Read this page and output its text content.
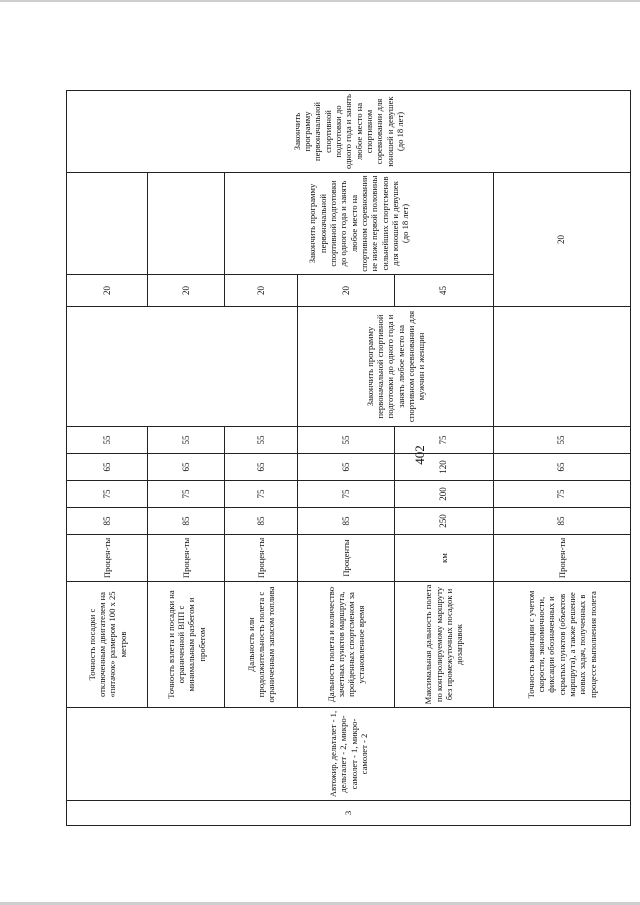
402
3	Автожир, дельталет - 1, дельталет - 2, микро-самолет - 1, микро-самолет - 2	Точность посадки с отключенным двигателем на «пятачок» размером 100 x 25 метров	Процен-ты	85	75	65	55		20		Закончить программу первоначальной спортивной подготовки до одного года и занять любое место на спортивном соревновании для юношей и девушек (до 18 лет)
		Точность взлета и посадки на ограниченной ВПП с минимальным разбегом и пробегом	Процен-ты	85	75	65	55		20		
		Дальность или продолжительность полета с ограниченным запасом топлива	Процен-ты	85	75	65	55		20	Закончить программу первоначальной спортивной подготовки до одного года и занять любое место на спортивном соревновании не ниже первой половины сильнейших спортсменов для юношей и девушек (до 18 лет)	
		Дальность полета и количество зачетных пунктов маршрута, пройденных спортсменом за установленное время	Проценты	85	75	65	55	Закончить программу первоначальной спортивной подготовки до одного года и занять любое место на спортивном соревновании для мужчин и женщин	20		
		Максимальная дальность полета по контролируемому маршруту без промежуточных посадок и дозаправок	км	250	200	120	75		45		
		Точность навигации с учетом скорости, экономичности, фиксации обозначенных и скрытых пунктов (объектов маршрута), а также решение новых задач, полученных в процессе выполнения полета	Процен-ты	85	75	65	55		20		
